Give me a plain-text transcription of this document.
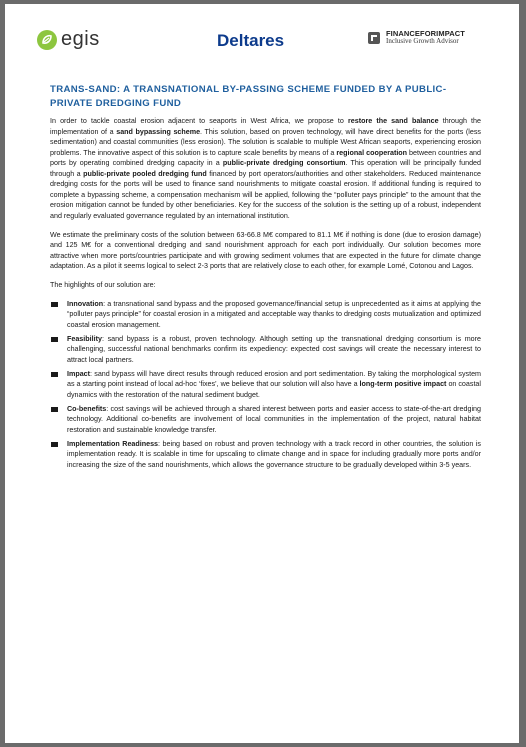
egis	Deltares	FINANCEFORIMPACT
Inclusive Growth Advisor
TRANS-SAND: A TRANSNATIONAL BY-PASSING SCHEME FUNDED BY A PUBLIC-PRIVATE DREDGING FUND

In order to tackle coastal erosion adjacent to seaports in West Africa, we propose to restore the sand balance through the implementation of a sand bypassing scheme. This solution, based on proven technology, will have direct benefits for the ports (less sedimentation) and coastal communities (less erosion). The solution is scalable to multiple West African seaports, experiencing erosion problems. The innovative aspect of this solution is to capture scale benefits by means of a regional cooperation between countries and ports by operating combined dredging capacity in a public-private dredging consortium. This operation will be principally funded through a public-private pooled dredging fund financed by port operators/authorities and other stakeholders. Reduced maintenance dredging costs for the ports will be used to finance sand nourishments to mitigate coastal erosion. If additional funding is required to complete a bypassing scheme, a compensation mechanism will be applied, following the “polluter pays principle” to the amount that the erosion mitigation cannot be funded by other beneficiaries. Key for the success of the solution is the setting up of a robust, independent and regularly evaluated governance regulated by an international institution.

We estimate the preliminary costs of the solution between 63-66.8 M€ compared to 81.1 M€ if nothing is done (due to erosion damage) and 125 M€ for a conventional dredging and sand nourishment approach for each port individually. Our solution becomes more attractive when more ports/countries participate and with growing sediment volumes that are expected in the future for climate change adaptation. As a pilot it seems logical to select 2-3 ports that are relatively close to each other, for example Lomé, Cotonou and Lagos.

The highlights of our solution are:

Innovation: a transnational sand bypass and the proposed governance/financial setup is unprecedented as it aims at applying the “polluter pays principle” for coastal erosion in a mitigated and acceptable way thanks to dredging costs mutualization and optimized coastal erosion management.
Feasibility: sand bypass is a robust, proven technology. Although setting up the transnational dredging consortium is more challenging, successful national benchmarks confirm its expediency: expected cost savings will create the necessary interest to attract local partners.
Impact: sand bypass will have direct results through reduced erosion and port sedimentation. By taking the morphological system as a starting point instead of local ad-hoc ‘fixes’, we believe that our solution will also have a long-term positive impact on coastal dynamics with the restoration of the natural sediment budget.
Co-benefits: cost savings will be achieved through a shared interest between ports and easier access to state-of-the-art dredging technology. Additional co-benefits are involvement of local communities in the implementation of the project, natural habitat restoration and sustainable knowledge transfer.
Implementation Readiness: being based on robust and proven technology with a track record in other countries, the solution is implementation ready. It is scalable in time for upscaling to climate change and in space for including gradually more ports and/or increasing the size of the sand nourishments, which allows the governance structure to be gradually developed within 3-5 years.
